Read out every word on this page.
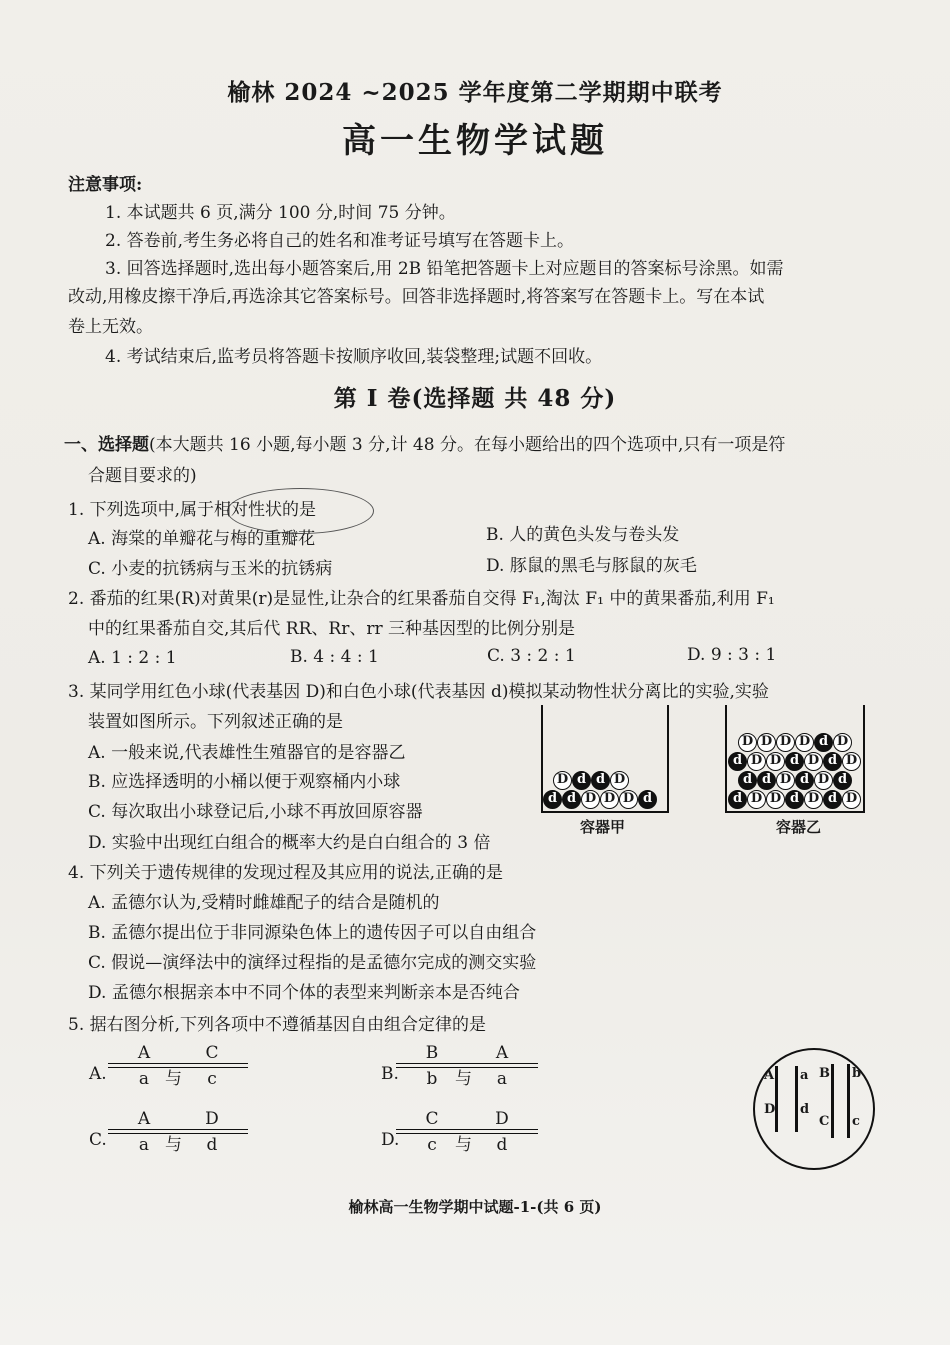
榆林 2024 ~2025 学年度第二学期期中联考
高一生物学试题
注意事项:
1. 本试题共 6 页,满分 100 分,时间 75 分钟。
2. 答卷前,考生务必将自己的姓名和准考证号填写在答题卡上。
3. 回答选择题时,选出每小题答案后,用 2B 铅笔把答题卡上对应题目的答案标号涂黑。如需
改动,用橡皮擦干净后,再选涂其它答案标号。回答非选择题时,将答案写在答题卡上。写在本试
卷上无效。
4. 考试结束后,监考员将答题卡按顺序收回,装袋整理;试题不回收。
第 Ⅰ 卷(选择题 共 48 分)
一、选择题(本大题共 16 小题,每小题 3 分,计 48 分。在每小题给出的四个选项中,只有一项是符
合题目要求的)
1. 下列选项中,属于相对性状的是
A. 海棠的单瓣花与梅的重瓣花	B. 人的黄色头发与卷头发
C. 小麦的抗锈病与玉米的抗锈病	D. 豚鼠的黑毛与豚鼠的灰毛
2. 番茄的红果(R)对黄果(r)是显性,让杂合的红果番茄自交得 F₁,淘汰 F₁ 中的黄果番茄,利用 F₁
中的红果番茄自交,其后代 RR、Rr、rr 三种基因型的比例分别是
A. 1 : 2 : 1	B. 4 : 4 : 1	C. 3 : 2 : 1	D. 9 : 3 : 1
3. 某同学用红色小球(代表基因 D)和白色小球(代表基因 d)模拟某动物性状分离比的实验,实验
装置如图所示。下列叙述正确的是
A. 一般来说,代表雄性生殖器官的是容器乙
B. 应选择透明的小桶以便于观察桶内小球
C. 每次取出小球登记后,小球不再放回原容器
D. 实验中出现红白组合的概率大约是白白组合的 3 倍
D d d D
d d D D D d
容器甲
D D D D d D
d D D d D d D
d d D d D d
d D D d D d D
容器乙
4. 下列关于遗传规律的发现过程及其应用的说法,正确的是
A. 孟德尔认为,受精时雌雄配子的结合是随机的
B. 孟德尔提出位于非同源染色体上的遗传因子可以自由组合
C. 假说—演绎法中的演绎过程指的是孟德尔完成的测交实验
D. 孟德尔根据亲本中不同个体的表型来判断亲本是否纯合
5. 据右图分析,下列各项中不遵循基因自由组合定律的是
A.
A
a 与
C
c	B.
B
b	与
A
a
C.
A
a 与
D
d	D.
C
c	与
D
d
A a B b
D d
C c
榆林高一生物学期中试题-1-(共 6 页)
